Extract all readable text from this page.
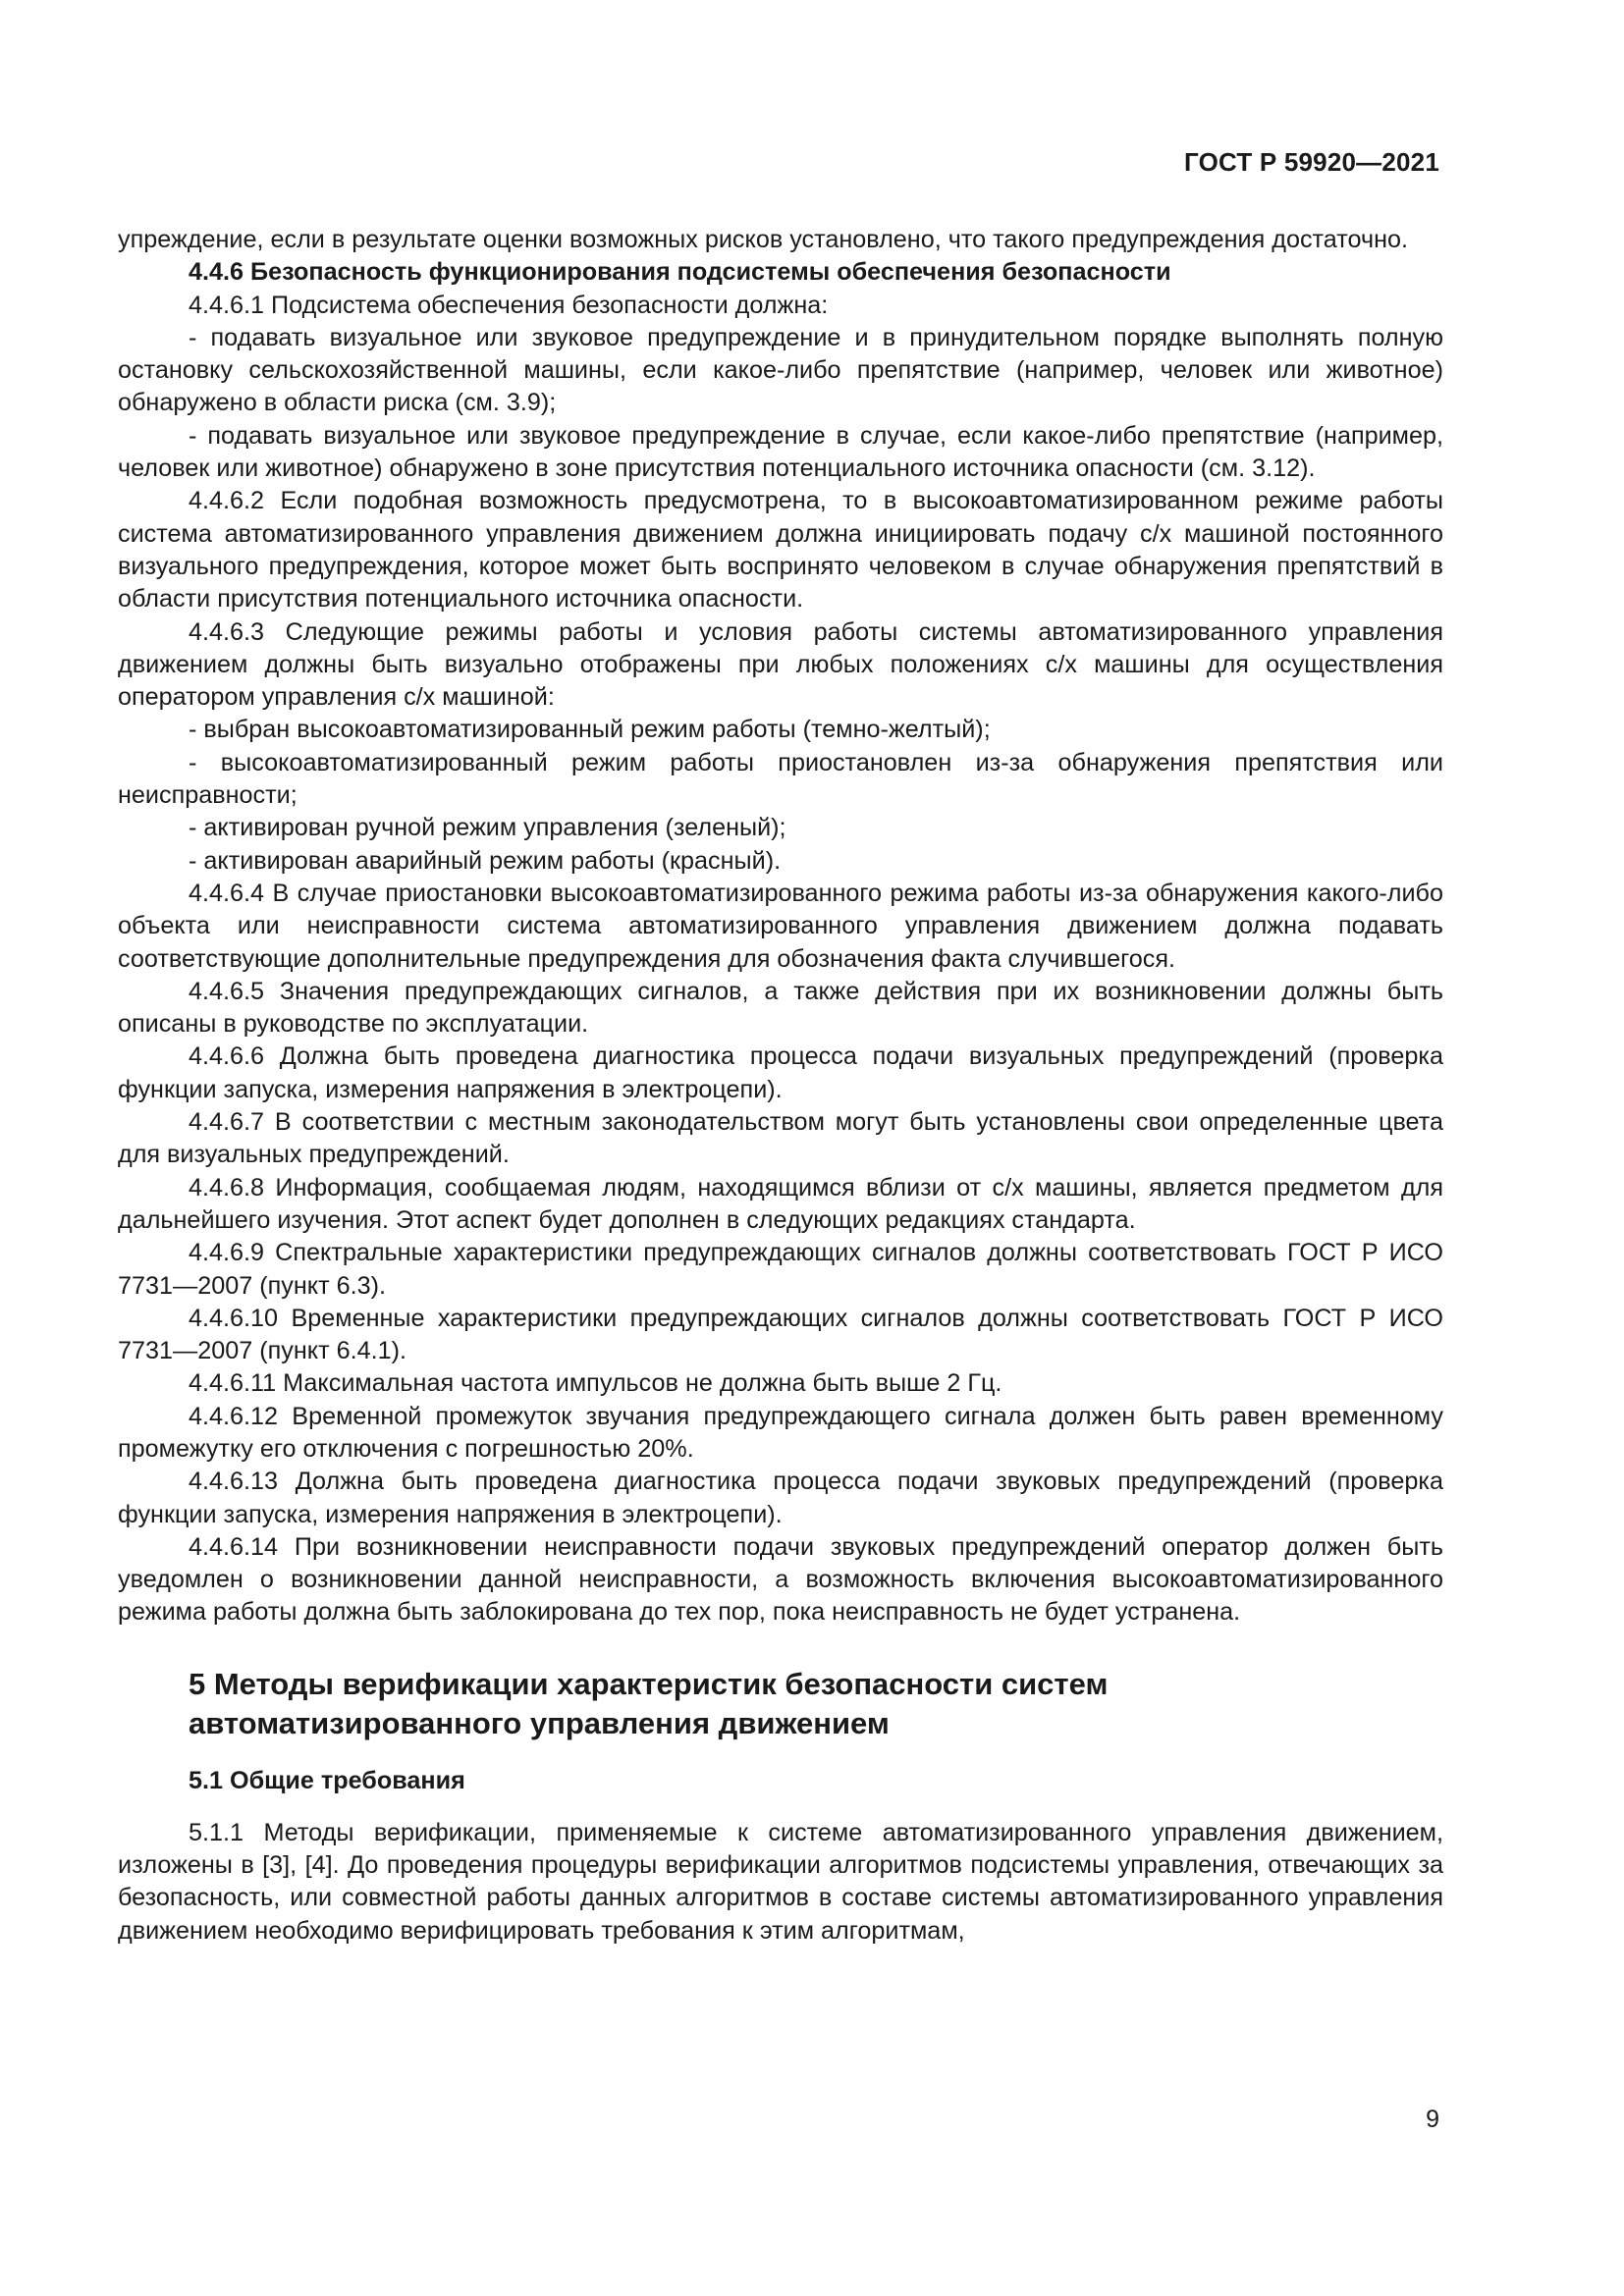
ГОСТ Р 59920—2021

упреждение, если в результате оценки возможных рисков установлено, что такого предупреждения достаточно.

4.4.6 Безопасность функционирования подсистемы обеспечения безопасности

4.4.6.1 Подсистема обеспечения безопасности должна:

- подавать визуальное или звуковое предупреждение и в принудительном порядке выполнять полную остановку сельскохозяйственной машины, если какое-либо препятствие (например, человек или животное) обнаружено в области риска (см. 3.9);

- подавать визуальное или звуковое предупреждение в случае, если какое-либо препятствие (например, человек или животное) обнаружено в зоне присутствия потенциального источника опасности (см. 3.12).

4.4.6.2 Если подобная возможность предусмотрена, то в высокоавтоматизированном режиме работы система автоматизированного управления движением должна инициировать подачу с/х машиной постоянного визуального предупреждения, которое может быть воспринято человеком в случае обнаружения препятствий в области присутствия потенциального источника опасности.

4.4.6.3 Следующие режимы работы и условия работы системы автоматизированного управления движением должны быть визуально отображены при любых положениях с/х машины для осуществления оператором управления с/х машиной:

- выбран высокоавтоматизированный режим работы (темно-желтый);

- высокоавтоматизированный режим работы приостановлен из-за обнаружения препятствия или неисправности;

- активирован ручной режим управления (зеленый);

- активирован аварийный режим работы (красный).

4.4.6.4 В случае приостановки высокоавтоматизированного режима работы из-за обнаружения какого-либо объекта или неисправности система автоматизированного управления движением должна подавать соответствующие дополнительные предупреждения для обозначения факта случившегося.

4.4.6.5 Значения предупреждающих сигналов, а также действия при их возникновении должны быть описаны в руководстве по эксплуатации.

4.4.6.6 Должна быть проведена диагностика процесса подачи визуальных предупреждений (проверка функции запуска, измерения напряжения в электроцепи).

4.4.6.7 В соответствии с местным законодательством могут быть установлены свои определенные цвета для визуальных предупреждений.

4.4.6.8 Информация, сообщаемая людям, находящимся вблизи от с/х машины, является предметом для дальнейшего изучения. Этот аспект будет дополнен в следующих редакциях стандарта.

4.4.6.9 Спектральные характеристики предупреждающих сигналов должны соответствовать ГОСТ Р ИСО 7731—2007 (пункт 6.3).

4.4.6.10 Временные характеристики предупреждающих сигналов должны соответствовать ГОСТ Р ИСО 7731—2007 (пункт 6.4.1).

4.4.6.11 Максимальная частота импульсов не должна быть выше 2 Гц.

4.4.6.12 Временной промежуток звучания предупреждающего сигнала должен быть равен временному промежутку его отключения с погрешностью 20%.

4.4.6.13 Должна быть проведена диагностика процесса подачи звуковых предупреждений (проверка функции запуска, измерения напряжения в электроцепи).

4.4.6.14 При возникновении неисправности подачи звуковых предупреждений оператор должен быть уведомлен о возникновении данной неисправности, а возможность включения высокоавтоматизированного режима работы должна быть заблокирована до тех пор, пока неисправность не будет устранена.

5 Методы верификации характеристик безопасности систем
автоматизированного управления движением
5.1 Общие требования

5.1.1 Методы верификации, применяемые к системе автоматизированного управления движением, изложены в [3], [4]. До проведения процедуры верификации алгоритмов подсистемы управления, отвечающих за безопасность, или совместной работы данных алгоритмов в составе системы автоматизированного управления движением необходимо верифицировать требования к этим алгоритмам,

9
